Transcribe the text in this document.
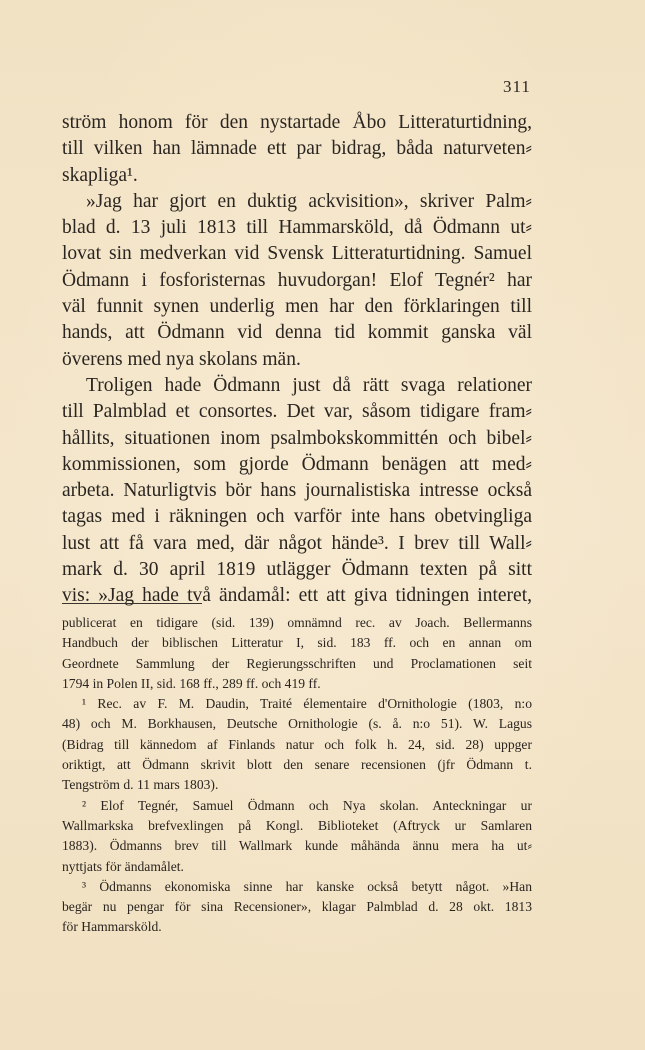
311

ström honom för den nystartade Åbo Litteraturtidning,
till vilken han lämnade ett par bidrag, båda naturveten⸗
skapliga¹.
»Jag har gjort en duktig ackvisition», skriver Palm⸗
blad d. 13 juli 1813 till Hammarsköld, då Ödmann ut⸗
lovat sin medverkan vid Svensk Litteraturtidning. Samuel
Ödmann i fosforisternas huvudorgan! Elof Tegnér² har
väl funnit synen underlig men har den förklaringen till
hands, att Ödmann vid denna tid kommit ganska väl
överens med nya skolans män.
Troligen hade Ödmann just då rätt svaga relationer
till Palmblad et consortes. Det var, såsom tidigare fram⸗
hållits, situationen inom psalmbokskommittén och bibel⸗
kommissionen, som gjorde Ödmann benägen att med⸗
arbeta. Naturligtvis bör hans journalistiska intresse också
tagas med i räkningen och varför inte hans obetvingliga
lust att få vara med, där något hände³. I brev till Wall⸗
mark d. 30 april 1819 utlägger Ödmann texten på sitt
vis: »Jag hade två ändamål: ett att giva tidningen interet,
publicerat en tidigare (sid. 139) omnämnd rec. av Joach. Bellermanns
Handbuch der biblischen Litteratur I, sid. 183 ff. och en annan om
Geordnete Sammlung der Regierungsschriften und Proclamationen seit
1794 in Polen II, sid. 168 ff., 289 ff. och 419 ff.
¹ Rec. av F. M. Daudin, Traité élementaire d'Ornithologie (1803, n:o
48) och M. Borkhausen, Deutsche Ornithologie (s. å. n:o 51). W. Lagus
(Bidrag till kännedom af Finlands natur och folk h. 24, sid. 28) uppger
oriktigt, att Ödmann skrivit blott den senare recensionen (jfr Ödmann t.
Tengström d. 11 mars 1803).
² Elof Tegnér, Samuel Ödmann och Nya skolan. Anteckningar ur
Wallmarkska brefvexlingen på Kongl. Biblioteket (Aftryck ur Samlaren
1883). Ödmanns brev till Wallmark kunde måhända ännu mera ha ut⸗
nyttjats för ändamålet.
³ Ödmanns ekonomiska sinne har kanske också betytt något. »Han
begär nu pengar för sina Recensioner», klagar Palmblad d. 28 okt. 1813
för Hammarsköld.
